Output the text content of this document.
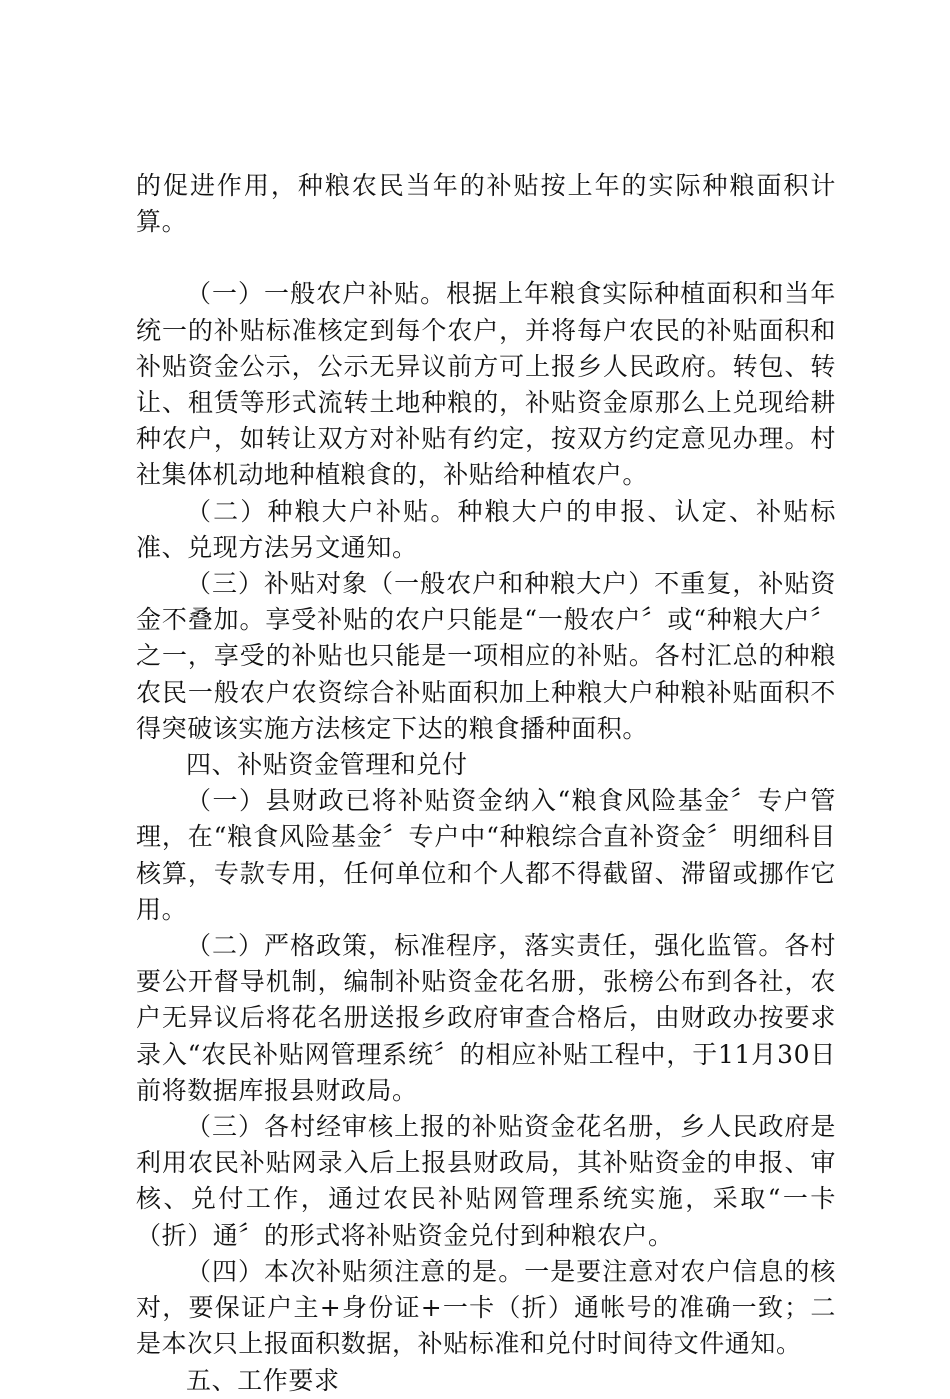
的促进作用，种粮农民当年的补贴按上年的实际种粮面积计算。

（一）一般农户补贴。根据上年粮食实际种植面积和当年统一的补贴标准核定到每个农户，并将每户农民的补贴面积和补贴资金公示，公示无异议前方可上报乡人民政府。转包、转让、租赁等形式流转土地种粮的，补贴资金原那么上兑现给耕种农户，如转让双方对补贴有约定，按双方约定意见办理。村社集体机动地种植粮食的，补贴给种植农户。

（二）种粮大户补贴。种粮大户的申报、认定、补贴标准、兑现方法另文通知。

（三）补贴对象（一般农户和种粮大户）不重复，补贴资金不叠加。享受补贴的农户只能是“一般农户〞或“种粮大户〞之一，享受的补贴也只能是一项相应的补贴。各村汇总的种粮农民一般农户农资综合补贴面积加上种粮大户种粮补贴面积不得突破该实施方法核定下达的粮食播种面积。

四、补贴资金管理和兑付

（一）县财政已将补贴资金纳入“粮食风险基金〞专户管理，在“粮食风险基金〞专户中“种粮综合直补资金〞明细科目核算，专款专用，任何单位和个人都不得截留、滞留或挪作它用。

（二）严格政策，标准程序，落实责任，强化监管。各村要公开督导机制，编制补贴资金花名册，张榜公布到各社，农户无异议后将花名册送报乡政府审查合格后，由财政办按要求录入“农民补贴网管理系统〞的相应补贴工程中，于11月30日前将数据库报县财政局。

（三）各村经审核上报的补贴资金花名册，乡人民政府是利用农民补贴网录入后上报县财政局，其补贴资金的申报、审核、兑付工作，通过农民补贴网管理系统实施，采取“一卡（折）通〞的形式将补贴资金兑付到种粮农户。

（四）本次补贴须注意的是。一是要注意对农户信息的核对，要保证户主+身份证+一卡（折）通帐号的准确一致；二是本次只上报面积数据，补贴标准和兑付时间待文件通知。

五、工作要求
